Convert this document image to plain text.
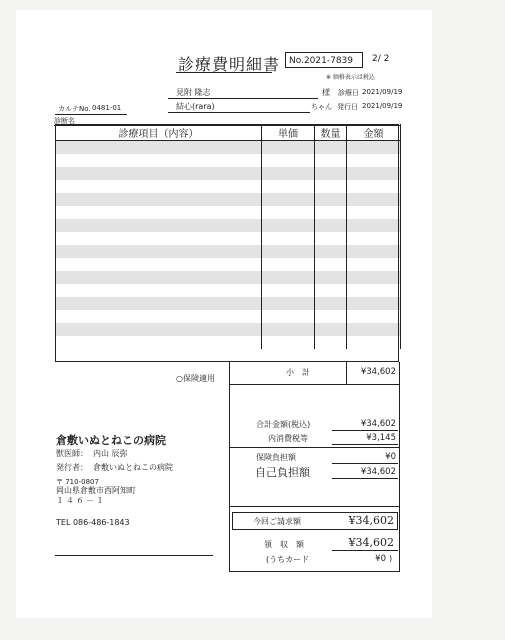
診療費明細書 No.2021-7839	2/ 2
※ 価格表示は税込
見附 隆志	様 診療日 2021/09/19
カルテNo. 0481-01	結心(rara)	ちゃん 発行日 2021/09/19
診断名
診療項目（内容）	単価	数量	金額

○保険適用
小　計	¥34,602
合計金額(税込)	¥34,602
内消費税等	¥3,145
保険負担額	¥0
自己負担額	¥34,602
今回ご請求額	¥34,602
領　収　額	¥34,602
(うちカード	¥0 )
倉敷いぬとねこの病院
獣医師： 内山 辰弥
発行者： 倉敷いぬとねこの病院
〒 710-0807
岡山県倉敷市西阿知町
１４６－１
TEL 086-486-1843
